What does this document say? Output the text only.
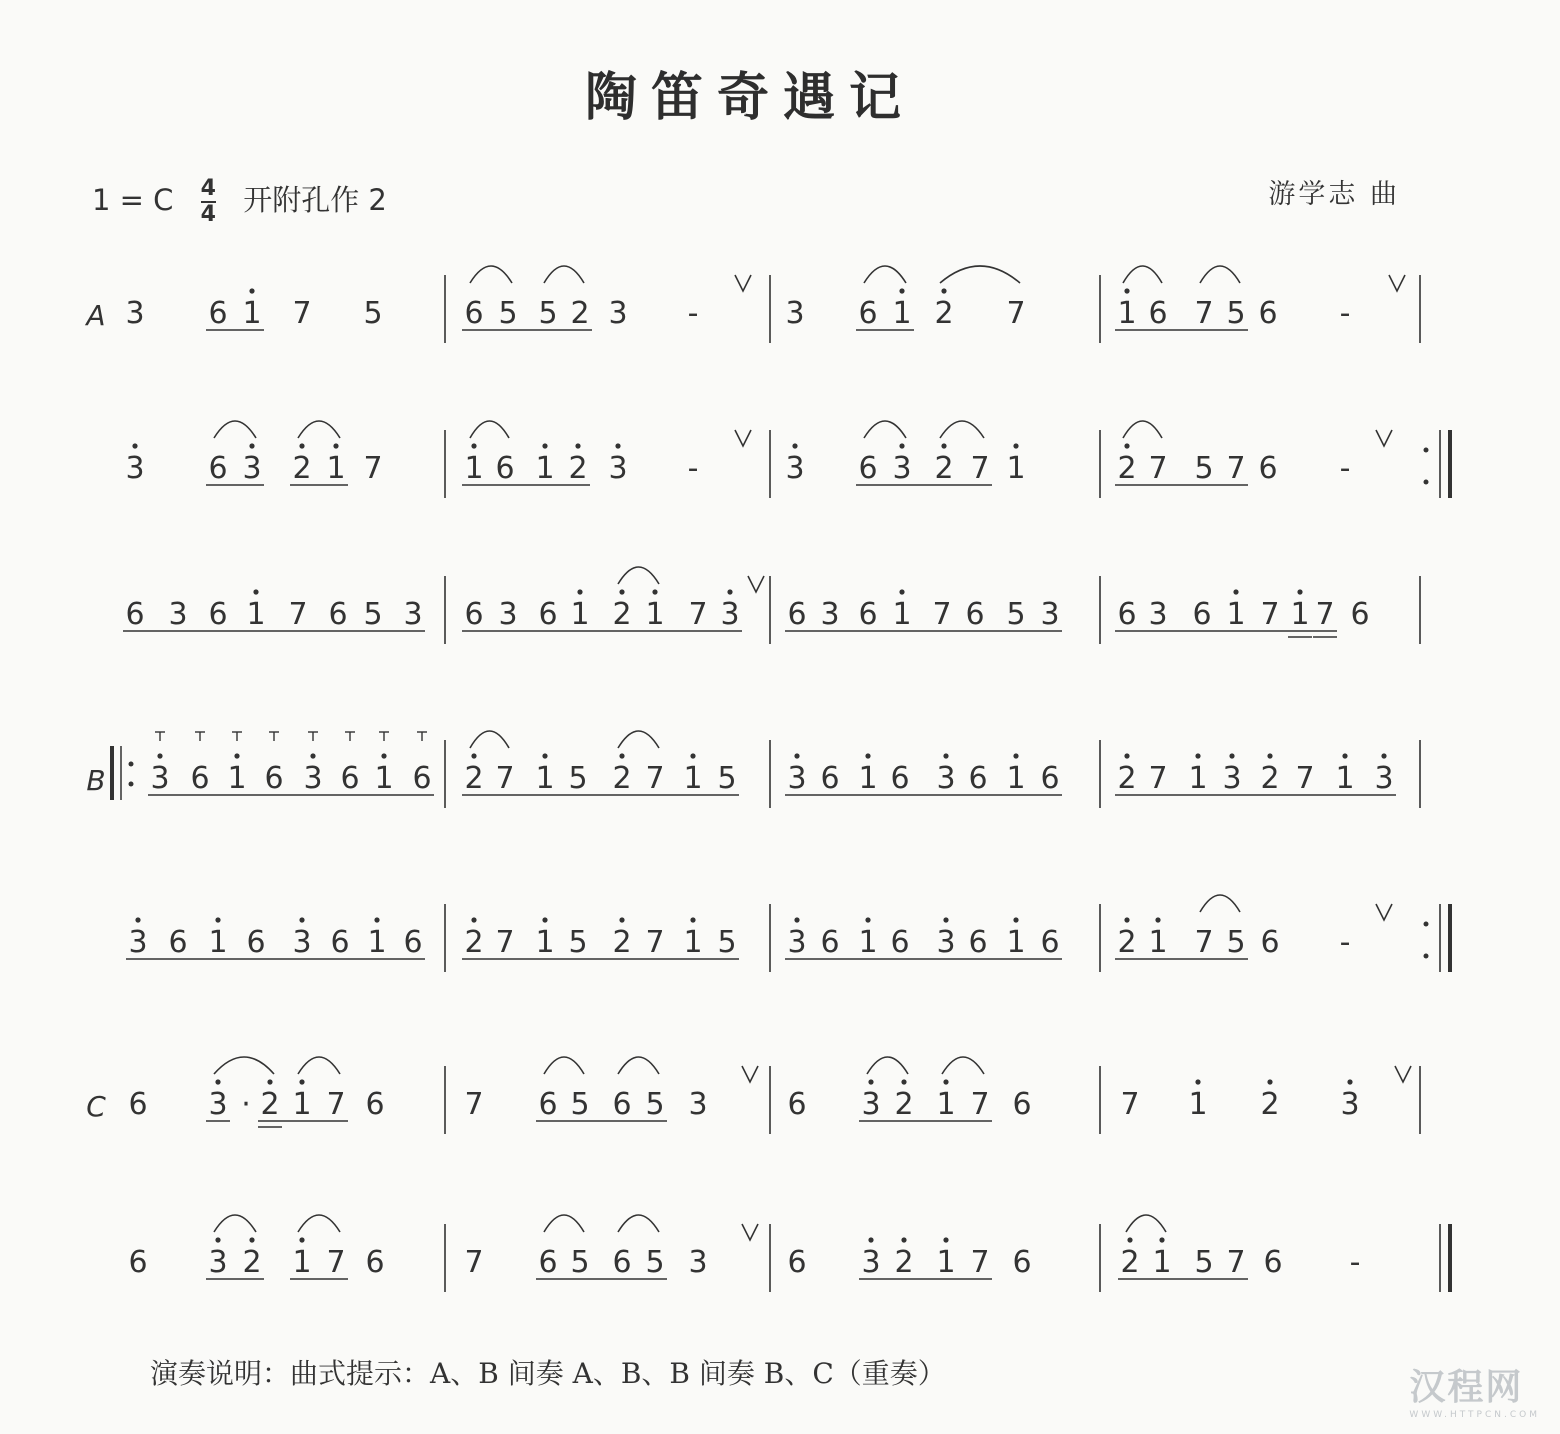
陶笛奇遇记
1 = C $\frac{4}{4}$ 开附孔作 2	游学志 曲
A 3 6 1 7 5	6 5 5 2 3 -	3 6 1 2 7	1 6 7 5 6 -
3 6 3 2 1 7	1 6 1 2 3 -	3 6 3 2 7 1	2 7 5 7 6 -
6 3 6 1 7 6 5 3 6 3 6 1 2 1 7 3 6 3 6 1 7 6 5 3 6 3 6 1 7 1 7 6
B 3 6 1 6 3 6 1 6 2 7 1 5 2 7 1 5 3 6 1 6 3 6 1 6 2 7 1 3 2 7 1 3
3 6 1 6 3 6 1 6 2 7 1 5 2 7 1 5 3 6 1 6 3 6 1 6 2 1 7 5 6 -
C 6 3 · 2 1 7 6	7 6 5 6 5 3	6 3 2 1 7 6	7 1 2 3
6 3 2 1 7 6	7 6 5 6 5 3	6 3 2 1 7 6	2 1 5 7 6 -
演奏说明：曲式提示：A、B 间奏 A、B、B 间奏 B、C（重奏）	汉程网
WWW.HTTPCN.COM
